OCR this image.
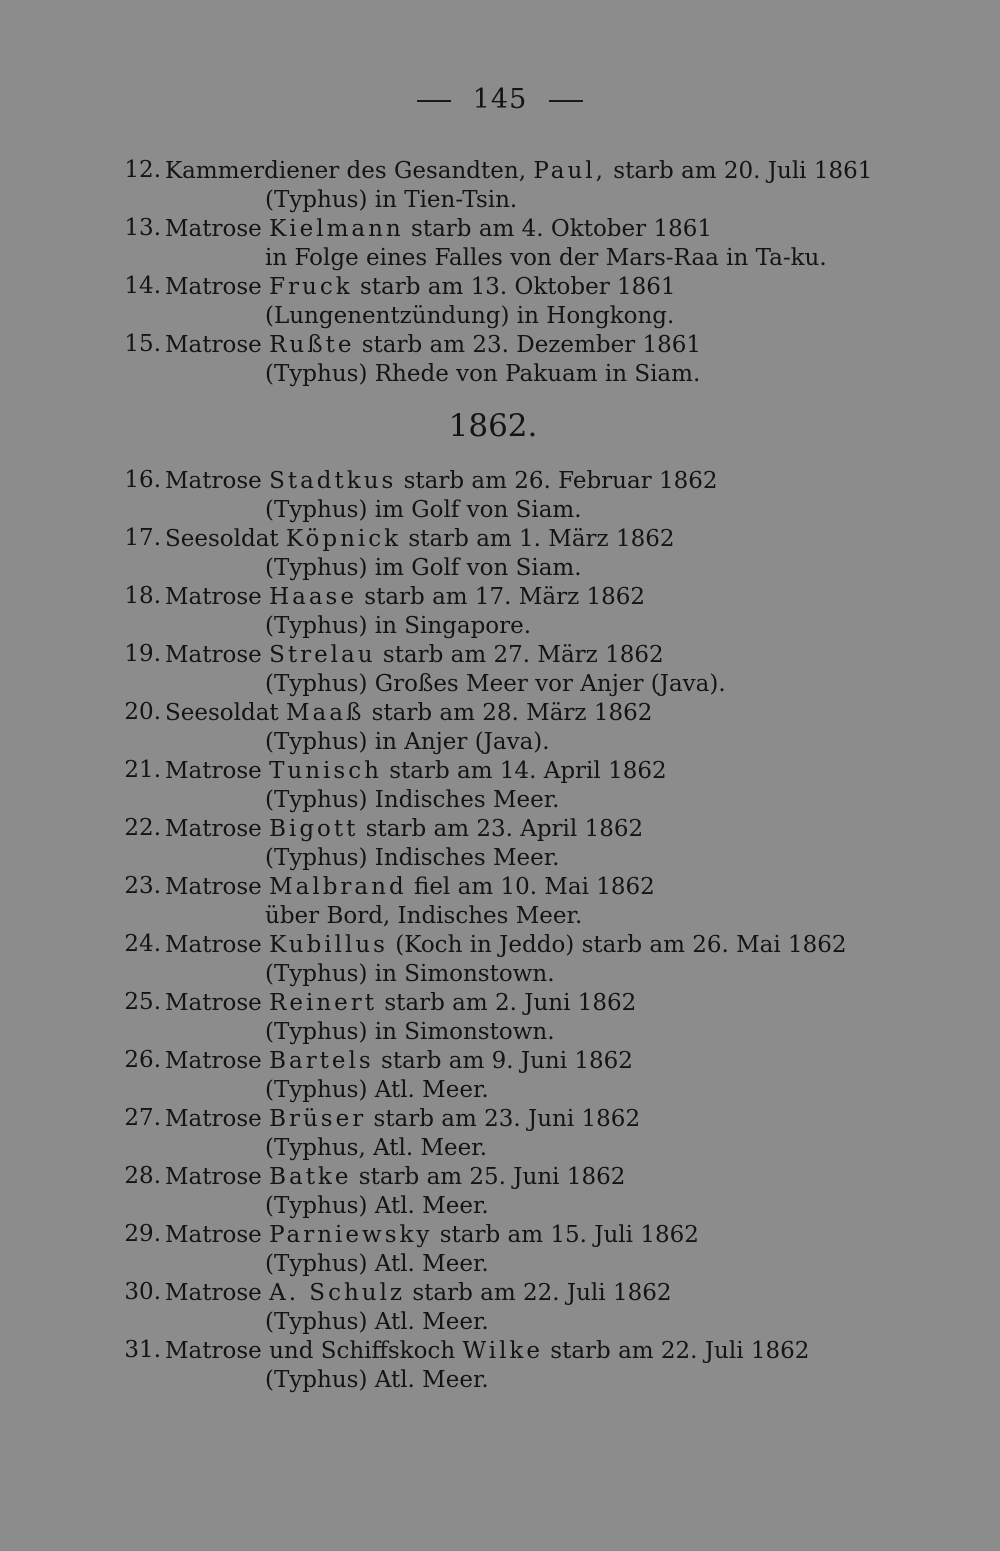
145
12. Kammerdiener des Gesandten, Paul, starb am 20. Juli 1861
(Typhus) in Tien-Tsin.
13. Matrose Kielmann starb am 4. Oktober 1861
in Folge eines Falles von der Mars-Raa in Ta-ku.
14. Matrose Fruck starb am 13. Oktober 1861
(Lungenentzündung) in Hongkong.
15. Matrose Rußte starb am 23. Dezember 1861
(Typhus) Rhede von Pakuam in Siam.
1862.
16. Matrose Stadtkus starb am 26. Februar 1862
(Typhus) im Golf von Siam.
17. Seesoldat Köpnick starb am 1. März 1862
(Typhus) im Golf von Siam.
18. Matrose Haase starb am 17. März 1862
(Typhus) in Singapore.
19. Matrose Strelau starb am 27. März 1862
(Typhus) Großes Meer vor Anjer (Java).
20. Seesoldat Maaß starb am 28. März 1862
(Typhus) in Anjer (Java).
21. Matrose Tunisch starb am 14. April 1862
(Typhus) Indisches Meer.
22. Matrose Bigott starb am 23. April 1862
(Typhus) Indisches Meer.
23. Matrose Malbrand fiel am 10. Mai 1862
über Bord, Indisches Meer.
24. Matrose Kubillus (Koch in Jeddo) starb am 26. Mai 1862
(Typhus) in Simonstown.
25. Matrose Reinert starb am 2. Juni 1862
(Typhus) in Simonstown.
26. Matrose Bartels starb am 9. Juni 1862
(Typhus) Atl. Meer.
27. Matrose Brüser starb am 23. Juni 1862
(Typhus, Atl. Meer.
28. Matrose Batke starb am 25. Juni 1862
(Typhus) Atl. Meer.
29. Matrose Parniewsky starb am 15. Juli 1862
(Typhus) Atl. Meer.
30. Matrose A. Schulz starb am 22. Juli 1862
(Typhus) Atl. Meer.
31. Matrose und Schiffskoch Wilke starb am 22. Juli 1862
(Typhus) Atl. Meer.
